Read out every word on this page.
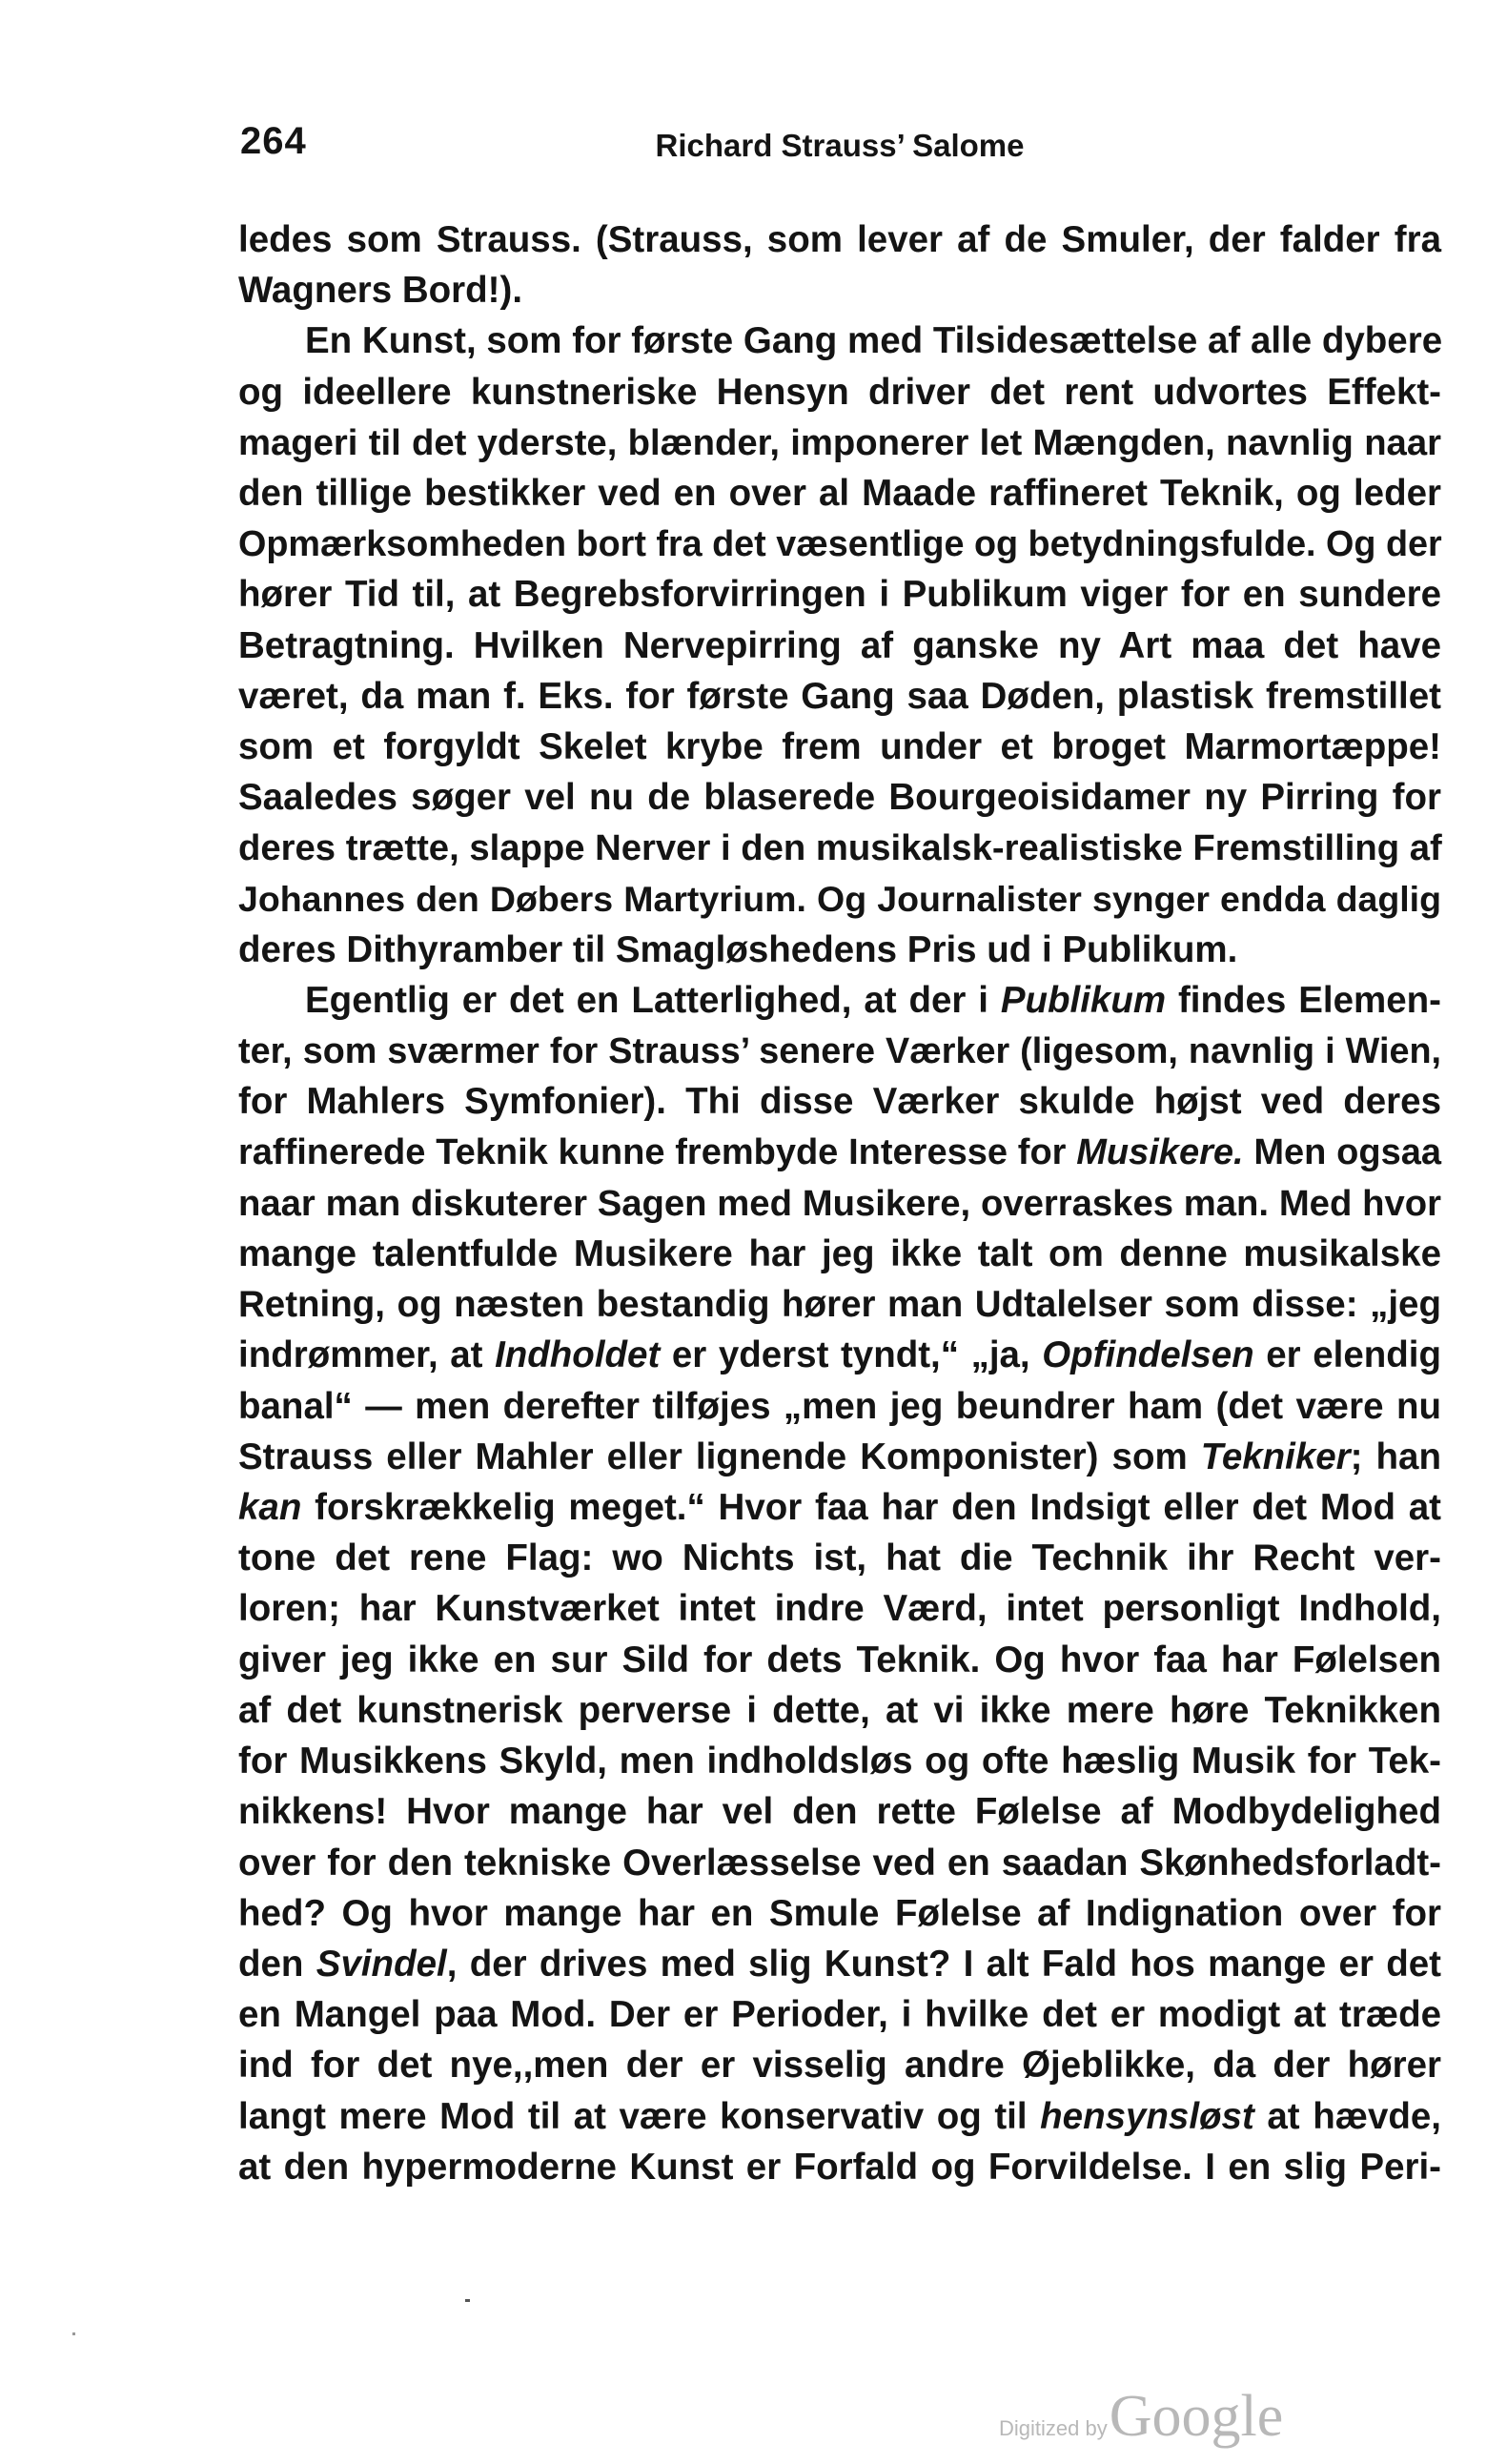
264	Richard Strauss’ Salome
ledes som Strauss. (Strauss, som lever af de Smuler, der falder fra
Wagners Bord!).
En Kunst, som for første Gang med Tilsidesættelse af alle dybere
og ideellere kunstneriske Hensyn driver det rent udvortes Effekt-
mageri til det yderste, blænder, imponerer let Mængden, navnlig naar
den tillige bestikker ved en over al Maade raffineret Teknik, og leder
Opmærksomheden bort fra det væsentlige og betydningsfulde. Og der
hører Tid til, at Begrebsforvirringen i Publikum viger for en sundere
Betragtning. Hvilken Nervepirring af ganske ny Art maa det have
været, da man f. Eks. for første Gang saa Døden, plastisk fremstillet
som et forgyldt Skelet krybe frem under et broget Marmortæppe!
Saaledes søger vel nu de blaserede Bourgeoisidamer ny Pirring for
deres trætte, slappe Nerver i den musikalsk-realistiske Fremstilling af
Johannes den Døbers Martyrium. Og Journalister synger endda daglig
deres Dithyramber til Smagløshedens Pris ud i Publikum.
Egentlig er det en Latterlighed, at der i Publikum findes Elemen-
ter, som sværmer for Strauss’ senere Værker (ligesom, navnlig i Wien,
for Mahlers Symfonier). Thi disse Værker skulde højst ved deres
raffinerede Teknik kunne frembyde Interesse for Musikere. Men ogsaa
naar man diskuterer Sagen med Musikere, overraskes man. Med hvor
mange talentfulde Musikere har jeg ikke talt om denne musikalske
Retning, og næsten bestandig hører man Udtalelser som disse: „jeg
indrømmer, at Indholdet er yderst tyndt,“ „ja, Opfindelsen er elendig
banal“ — men derefter tilføjes „men jeg beundrer ham (det være nu
Strauss eller Mahler eller lignende Komponister) som Tekniker; han
kan forskrækkelig meget.“ Hvor faa har den Indsigt eller det Mod at
tone det rene Flag: wo Nichts ist, hat die Technik ihr Recht ver-
loren; har Kunstværket intet indre Værd, intet personligt Indhold,
giver jeg ikke en sur Sild for dets Teknik. Og hvor faa har Følelsen
af det kunstnerisk perverse i dette, at vi ikke mere høre Teknikken
for Musikkens Skyld, men indholdsløs og ofte hæslig Musik for Tek-
nikkens! Hvor mange har vel den rette Følelse af Modbydelighed
over for den tekniske Overlæsselse ved en saadan Skønhedsforladt-
hed? Og hvor mange har en Smule Følelse af Indignation over for
den Svindel, der drives med slig Kunst? I alt Fald hos mange er det
en Mangel paa Mod. Der er Perioder, i hvilke det er modigt at træde
ind for det nye,,men der er visselig andre Øjeblikke, da der hører
langt mere Mod til at være konservativ og til hensynsløst at hævde,
at den hypermoderne Kunst er Forfald og Forvildelse. I en slig Peri-
Digitized byGoogle
